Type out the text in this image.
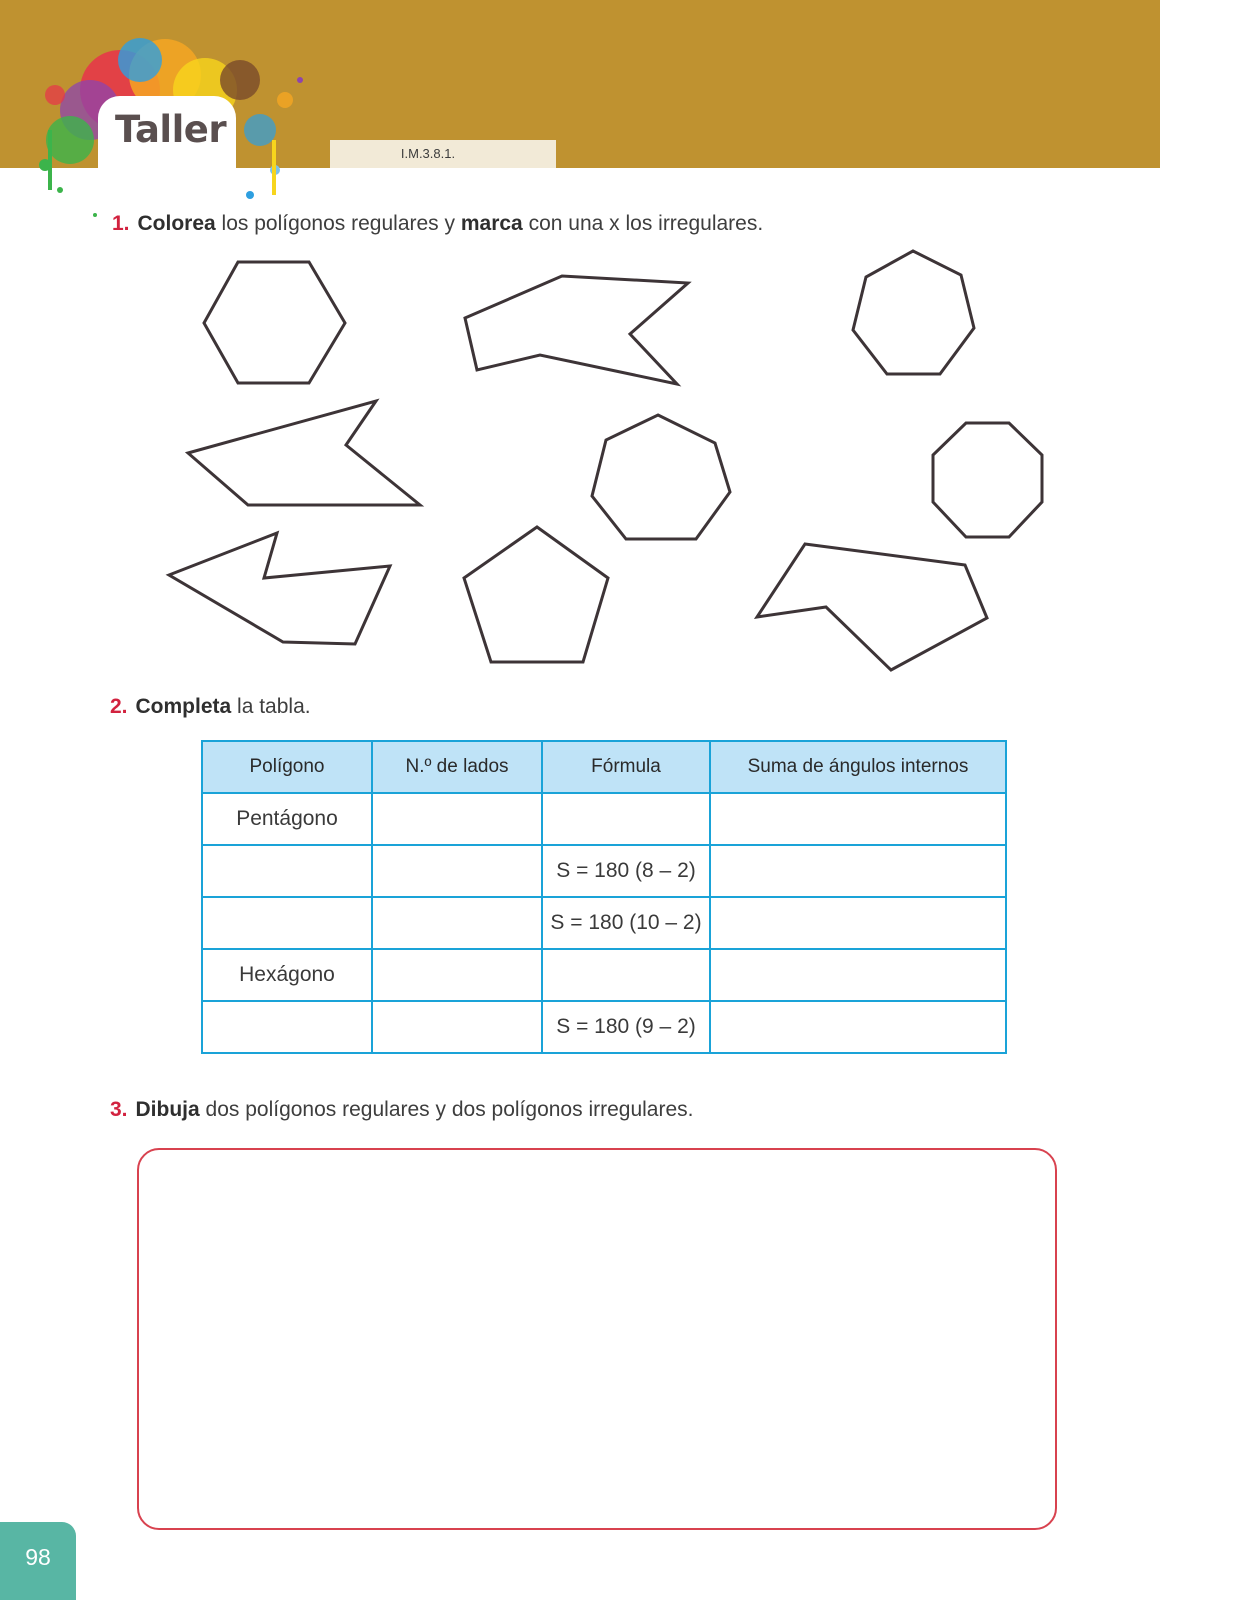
Taller
I.M.3.8.1.
1. Colorea los polígonos regulares y marca con una x los irregulares.
2. Completa la tabla.
Polígono	N.º de lados	Fórmula	Suma de ángulos internos
Pentágono			
		S = 180 (8 – 2)	
		S = 180 (10 – 2)	
Hexágono			
		S = 180 (9 – 2)	
3. Dibuja dos polígonos regulares y dos polígonos irregulares.
98
